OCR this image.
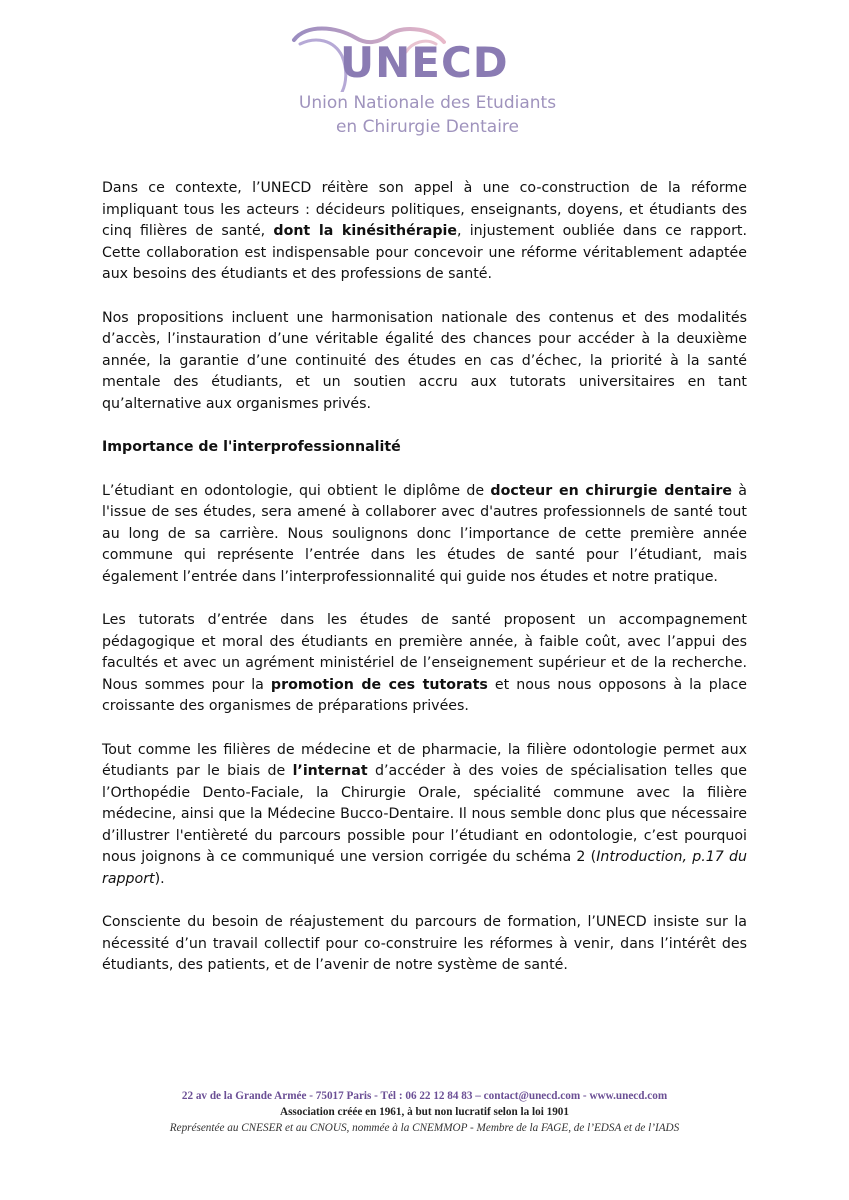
UNECD
Union Nationale des Etudiants
en Chirurgie Dentaire

Dans ce contexte, l’UNECD réitère son appel à une co-construction de la réforme impliquant tous les acteurs : décideurs politiques, enseignants, doyens, et étudiants des cinq filières de santé, dont la kinésithérapie, injustement oubliée dans ce rapport. Cette collaboration est indispensable pour concevoir une réforme véritablement adaptée aux besoins des étudiants et des professions de santé.

Nos propositions incluent une harmonisation nationale des contenus et des modalités d’accès, l’instauration d’une véritable égalité des chances pour accéder à la deuxième année, la garantie d’une continuité des études en cas d’échec, la priorité à la santé mentale des étudiants, et un soutien accru aux tutorats universitaires en tant qu’alternative aux organismes privés.

Importance de l'interprofessionnalité

L’étudiant en odontologie, qui obtient le diplôme de docteur en chirurgie dentaire à l'issue de ses études, sera amené à collaborer avec d'autres professionnels de santé tout au long de sa carrière. Nous soulignons donc l’importance de cette première année commune qui représente l’entrée dans les études de santé pour l’étudiant, mais également l’entrée dans l’interprofessionnalité qui guide nos études et notre pratique.

Les tutorats d’entrée dans les études de santé proposent un accompagnement pédagogique et moral des étudiants en première année, à faible coût, avec l’appui des facultés et avec un agrément ministériel de l’enseignement supérieur et de la recherche. Nous sommes pour la promotion de ces tutorats et nous nous opposons à la place croissante des organismes de préparations privées.

Tout comme les filières de médecine et de pharmacie, la filière odontologie permet aux étudiants par le biais de l’internat d’accéder à des voies de spécialisation telles que l’Orthopédie Dento-Faciale, la Chirurgie Orale, spécialité commune avec la filière médecine, ainsi que la Médecine Bucco-Dentaire. Il nous semble donc plus que nécessaire d’illustrer l'entièreté du parcours possible pour l’étudiant en odontologie, c’est pourquoi nous joignons à ce communiqué une version corrigée du schéma 2 (Introduction, p.17 du rapport).

Consciente du besoin de réajustement du parcours de formation, l’UNECD insiste sur la nécessité d’un travail collectif pour co-construire les réformes à venir, dans l’intérêt des étudiants, des patients, et de l’avenir de notre système de santé.

22 av de la Grande Armée - 75017 Paris - Tél : 06 22 12 84 83 – contact@unecd.com - www.unecd.com
Association créée en 1961, à but non lucratif selon la loi 1901
Représentée au CNESER et au CNOUS, nommée à la CNEMMOP - Membre de la FAGE, de l’EDSA et de l’IADS
